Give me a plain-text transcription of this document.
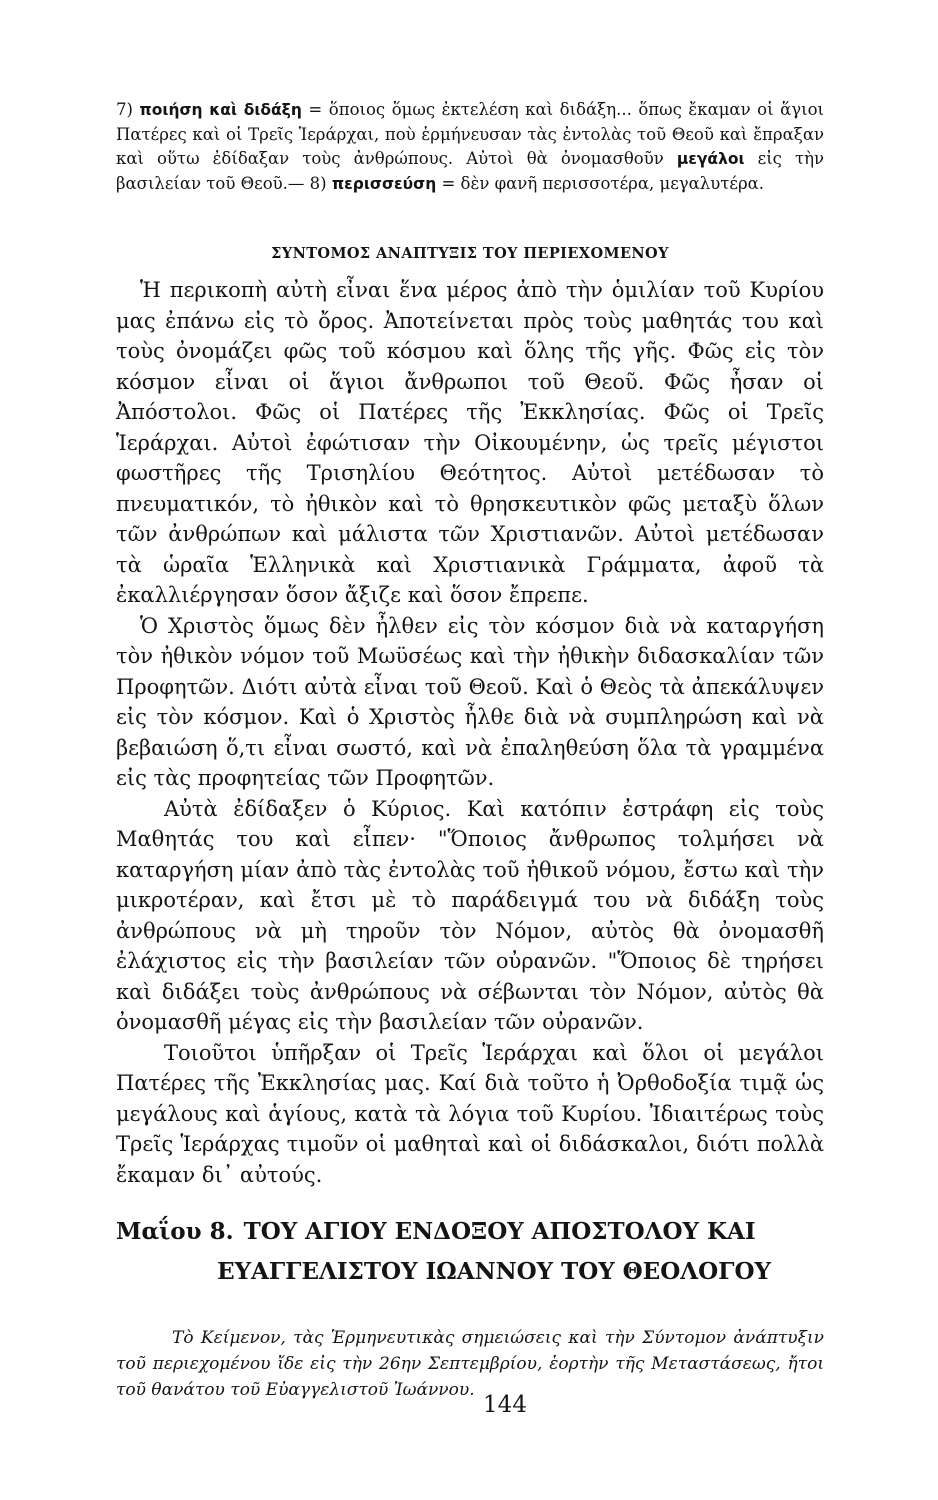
7) ποιήση καὶ διδάξη = ὅποιος ὅμως ἐκτελέση καὶ διδάξη... ὅπως ἔκαμαν οἱ ἅγιοι Πατέρες καὶ οἱ Τρεῖς Ἱεράρχαι, ποὺ ἑρμήνευσαν τὰς ἐντολὰς τοῦ Θεοῦ καὶ ἔπραξαν καὶ οὕτω ἐδίδαξαν τοὺς ἀνθρώπους. Αὐτοὶ θὰ ὀνομασθοῦν μεγάλοι εἰς τὴν βασιλείαν τοῦ Θεοῦ.— 8) περισσεύση = δὲν φανῆ περισσοτέρα, μεγαλυτέρα.

ΣΥΝΤΟΜΟΣ ΑΝΑΠΤΥΞΙΣ ΤΟΥ ΠΕΡΙΕΧΟΜΕΝΟΥ

Ἡ περικοπὴ αὐτὴ εἶναι ἕνα μέρος ἀπὸ τὴν ὁμιλίαν τοῦ Κυρίου μας ἐπάνω εἰς τὸ ὄρος. Ἀποτείνεται πρὸς τοὺς μαθητάς του καὶ τοὺς ὀνομάζει φῶς τοῦ κόσμου καὶ ὅλης τῆς γῆς. Φῶς εἰς τὸν κόσμον εἶναι οἱ ἅγιοι ἄνθρωποι τοῦ Θεοῦ. Φῶς ἦσαν οἱ Ἀπόστολοι. Φῶς οἱ Πατέρες τῆς Ἐκκλησίας. Φῶς οἱ Τρεῖς Ἱεράρχαι. Αὐτοὶ ἐφώτισαν τὴν Οἰκουμένην, ὡς τρεῖς μέγιστοι φωστῆρες τῆς Τρισηλίου Θεότητος. Αὐτοὶ μετέδωσαν τὸ πνευματικόν, τὸ ἠθικὸν καὶ τὸ θρησκευτικὸν φῶς μεταξὺ ὅλων τῶν ἀνθρώπων καὶ μάλιστα τῶν Χριστιανῶν. Αὐτοὶ μετέδωσαν τὰ ὡραῖα Ἑλληνικὰ καὶ Χριστιανικὰ Γράμματα, ἀφοῦ τὰ ἐκαλλιέργησαν ὅσον ἄξιζε καὶ ὅσον ἔπρεπε.

Ὁ Χριστὸς ὅμως δὲν ἦλθεν εἰς τὸν κόσμον διὰ νὰ καταργήση τὸν ἠθικὸν νόμον τοῦ Μωϋσέως καὶ τὴν ἠθικὴν διδασκαλίαν τῶν Προφητῶν. Διότι αὐτὰ εἶναι τοῦ Θεοῦ. Καὶ ὁ Θεὸς τὰ ἀπεκάλυψεν εἰς τὸν κόσμον. Καὶ ὁ Χριστὸς ἦλθε διὰ νὰ συμπληρώση καὶ νὰ βεβαιώση ὅ,τι εἶναι σωστό, καὶ νὰ ἐπαληθεύση ὅλα τὰ γραμμένα εἰς τὰς προφητείας τῶν Προφητῶν.

Αὐτὰ ἐδίδαξεν ὁ Κύριος. Καὶ κατόπιν ἐστράφη εἰς τοὺς Μαθητάς του καὶ εἶπεν· "Ὅποιος ἄνθρωπος τολμήσει νὰ καταργήση μίαν ἀπὸ τὰς ἐντολὰς τοῦ ἠθικοῦ νόμου, ἔστω καὶ τὴν μικροτέραν, καὶ ἔτσι μὲ τὸ παράδειγμά του νὰ διδάξη τοὺς ἀνθρώπους νὰ μὴ τηροῦν τὸν Νόμον, αὐτὸς θὰ ὀνομασθῆ ἐλάχιστος εἰς τὴν βασιλείαν τῶν οὐρανῶν. "Ὅποιος δὲ τηρήσει καὶ διδάξει τοὺς ἀνθρώπους νὰ σέβωνται τὸν Νόμον, αὐτὸς θὰ ὀνομασθῆ μέγας εἰς τὴν βασιλείαν τῶν οὐρανῶν.

Τοιοῦτοι ὑπῆρξαν οἱ Τρεῖς Ἱεράρχαι καὶ ὅλοι οἱ μεγάλοι Πατέρες τῆς Ἐκκλησίας μας. Καί διὰ τοῦτο ἡ Ὀρθοδοξία τιμᾷ ὡς μεγάλους καὶ ἁγίους, κατὰ τὰ λόγια τοῦ Κυρίου. Ἰδιαιτέρως τοὺς Τρεῖς Ἱεράρχας τιμοῦν οἱ μαθηταὶ καὶ οἱ διδάσκαλοι, διότι πολλὰ ἔκαμαν δι᾽ αὐτούς.

Μαΐου 8. ΤΟΥ ΑΓΙΟΥ ΕΝΔΟΞΟΥ ΑΠΟΣΤΟΛΟΥ ΚΑΙ
ΕΥΑΓΓΕΛΙΣΤΟΥ ΙΩΑΝΝΟΥ ΤΟΥ ΘΕΟΛΟΓΟΥ

Τὸ Κείμενον, τὰς Ἑρμηνευτικὰς σημειώσεις καὶ τὴν Σύντομον ἀνάπτυξιν τοῦ περιεχομένου ἴδε εἰς τὴν 26ην Σεπτεμβρίου, ἑορτὴν τῆς Μεταστάσεως, ἤτοι τοῦ θανάτου τοῦ Εὐαγγελιστοῦ Ἰωάννου.

144
